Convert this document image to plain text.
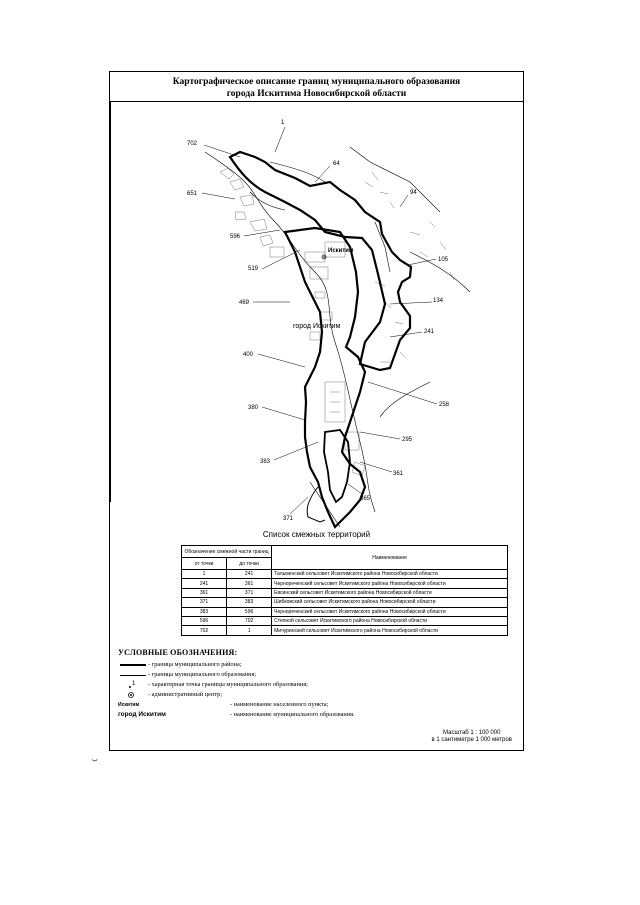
Картографическое описание границ муниципального образования
города Искитима Новосибирской области
702
1
64
651	94
596
105
519
134
469
241
400
258
380
295
383
361
365
371
Искитим
город Искитим
Список смежных территорий
Обозначение смежной части границ		Наименование
от точки	до точки	
1	241	Тальменский сельсовет Искитимского района Новосибирской области
241	361	Чернореченский сельсовет Искитимского района Новосибирской области
361	371	Евсинский сельсовет Искитимского района Новосибирской области
371	383	Шибковский сельсовет Искитимского района Новосибирской области
383	596	Чернореченский сельсовет Искитимского района Новосибирской области
596	702	Степной сельсовет Искитимского района Новосибирской области
702	1	Мичуринский сельсовет Искитимского района Новосибирской области
УСЛОВНЫЕ ОБОЗНАЧЕНИЯ:
- граница муниципального района;
- граница муниципального образования;
1 - характерная точка границы муниципального образования;
- административный центр;
Искитим	- наименование населенного пункта;
город Искитим	- наименование муниципального образования.
Масштаб 1 : 100 000
в 1 сантиметре 1 000 метров
ب
